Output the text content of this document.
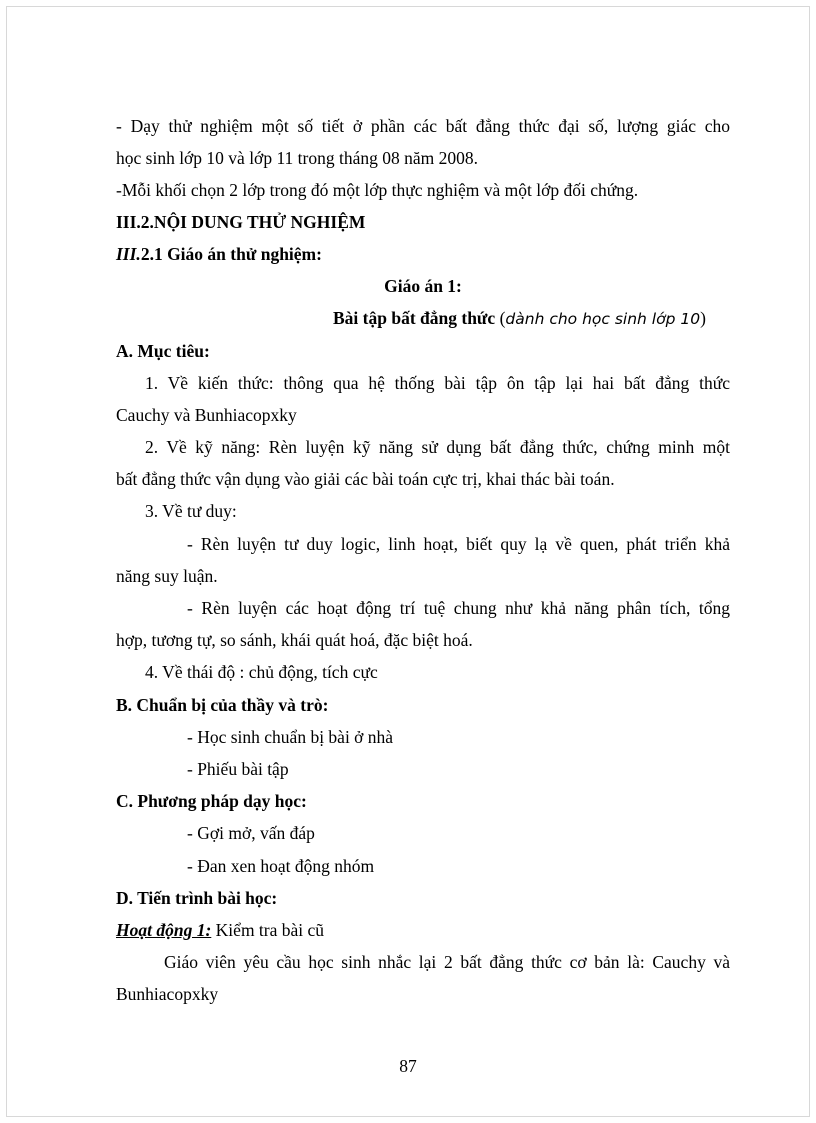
- Dạy thử nghiệm một số tiết ở phần các bất đẳng thức đại số, lượng giác cho
học sinh lớp 10 và lớp 11 trong tháng 08 năm 2008.
-Mỗi khối chọn 2 lớp trong đó một lớp thực nghiệm và một lớp đối chứng.
III.2.NỘI DUNG THỬ NGHIỆM
III.2.1 Giáo án thử nghiệm:
Giáo án 1:
Bài tập bất đẳng thức (dành cho học sinh lớp 10)
A. Mục tiêu:
1. Về kiến thức: thông qua hệ thống bài tập ôn tập lại hai bất đẳng thức
Cauchy và Bunhiacopxky
2. Về kỹ năng: Rèn luyện kỹ năng sử dụng bất đẳng thức, chứng minh một
bất đẳng thức vận dụng vào giải các bài toán cực trị, khai thác bài toán.
3. Về tư duy:
- Rèn luyện tư duy logic, linh hoạt, biết quy lạ về quen, phát triển khả
năng suy luận.
- Rèn luyện các hoạt động trí tuệ chung như khả năng phân tích, tổng
hợp, tương tự, so sánh, khái quát hoá, đặc biệt hoá.
4. Về thái độ : chủ động, tích cực
B. Chuẩn bị của thầy và trò:
- Học sinh chuẩn bị bài ở nhà
- Phiếu bài tập
C. Phương pháp dạy học:
- Gợi mở, vấn đáp
- Đan xen hoạt động nhóm
D. Tiến trình bài học:
Hoạt động 1: Kiểm tra bài cũ
Giáo viên yêu cầu học sinh nhắc lại 2 bất đẳng thức cơ bản là: Cauchy và
Bunhiacopxky
87
